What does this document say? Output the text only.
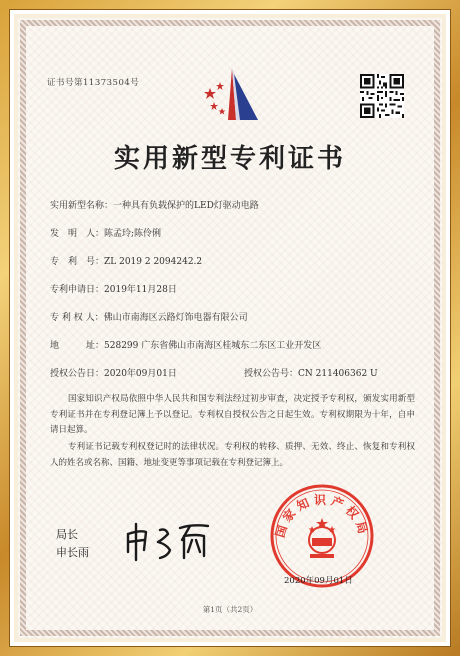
证书号第11373504号
实用新型专利证书
实用新型名称：一种具有负载保护的LED灯驱动电路
发　明　人：陈孟玲;陈伶俐
专　利　号：ZL 2019 2 2094242.2
专利申请日：2019年11月28日
专 利 权 人：佛山市南海区云路灯饰电器有限公司
地　　　址：528299 广东省佛山市南海区桂城东二东区工业开发区
授权公告日：2020年09月01日	授权公告号：CN 211406362 U
国家知识产权局依照中华人民共和国专利法经过初步审查，决定授予专利权，颁发实用新型专利证书并在专利登记簿上予以登记。专利权自授权公告之日起生效。专利权期限为十年，自申请日起算。
专利证书记载专利权登记时的法律状况。专利权的转移、质押、无效、终止、恢复和专利权人的姓名或名称、国籍、地址变更等事项记载在专利登记簿上。
局长
申长雨
国家知识产权局
2020年09月01日
第1页（共2页）
